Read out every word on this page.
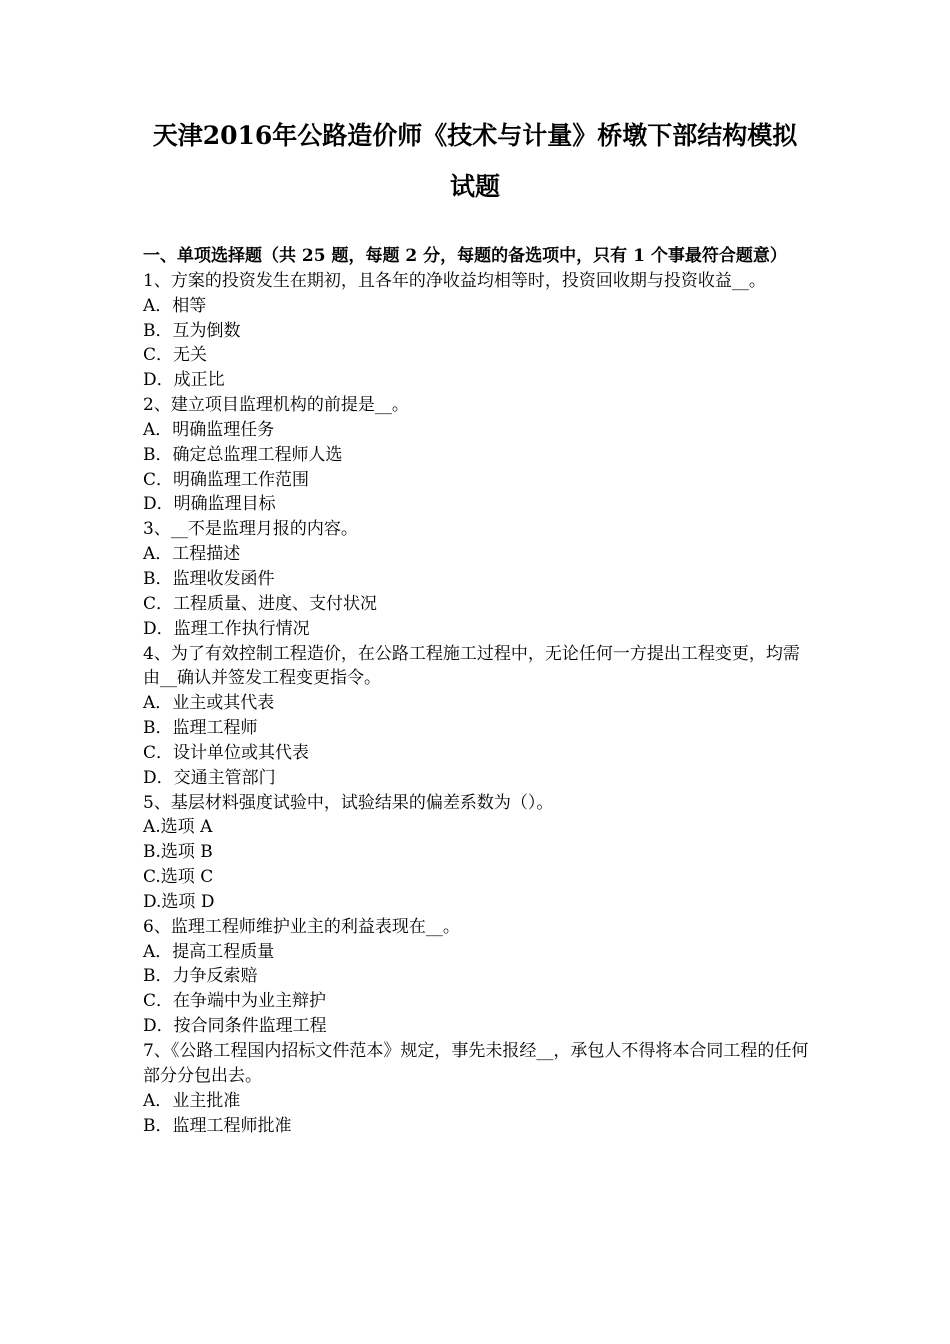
天津2016年公路造价师《技术与计量》桥墩下部结构模拟
试题

一、单项选择题（共 25 题，每题 2 分，每题的备选项中，只有 1 个事最符合题意）

1、方案的投资发生在期初，且各年的净收益均相等时，投资回收期与投资收益__。

A．相等

B．互为倒数

C．无关

D．成正比

2、建立项目监理机构的前提是__。

A．明确监理任务

B．确定总监理工程师人选

C．明确监理工作范围

D．明确监理目标

3、__不是监理月报的内容。

A．工程描述

B．监理收发函件

C．工程质量、进度、支付状况

D．监理工作执行情况

4、为了有效控制工程造价，在公路工程施工过程中，无论任何一方提出工程变更，均需由__确认并签发工程变更指令。

A．业主或其代表

B．监理工程师

C．设计单位或其代表

D．交通主管部门

5、基层材料强度试验中，试验结果的偏差系数为（）。

A.选项 A

B.选项 B

C.选项 C

D.选项 D

6、监理工程师维护业主的利益表现在__。

A．提高工程质量

B．力争反索赔

C．在争端中为业主辩护

D．按合同条件监理工程

7、《公路工程国内招标文件范本》规定，事先未报经__，承包人不得将本合同工程的任何部分分包出去。

A．业主批准

B．监理工程师批准
